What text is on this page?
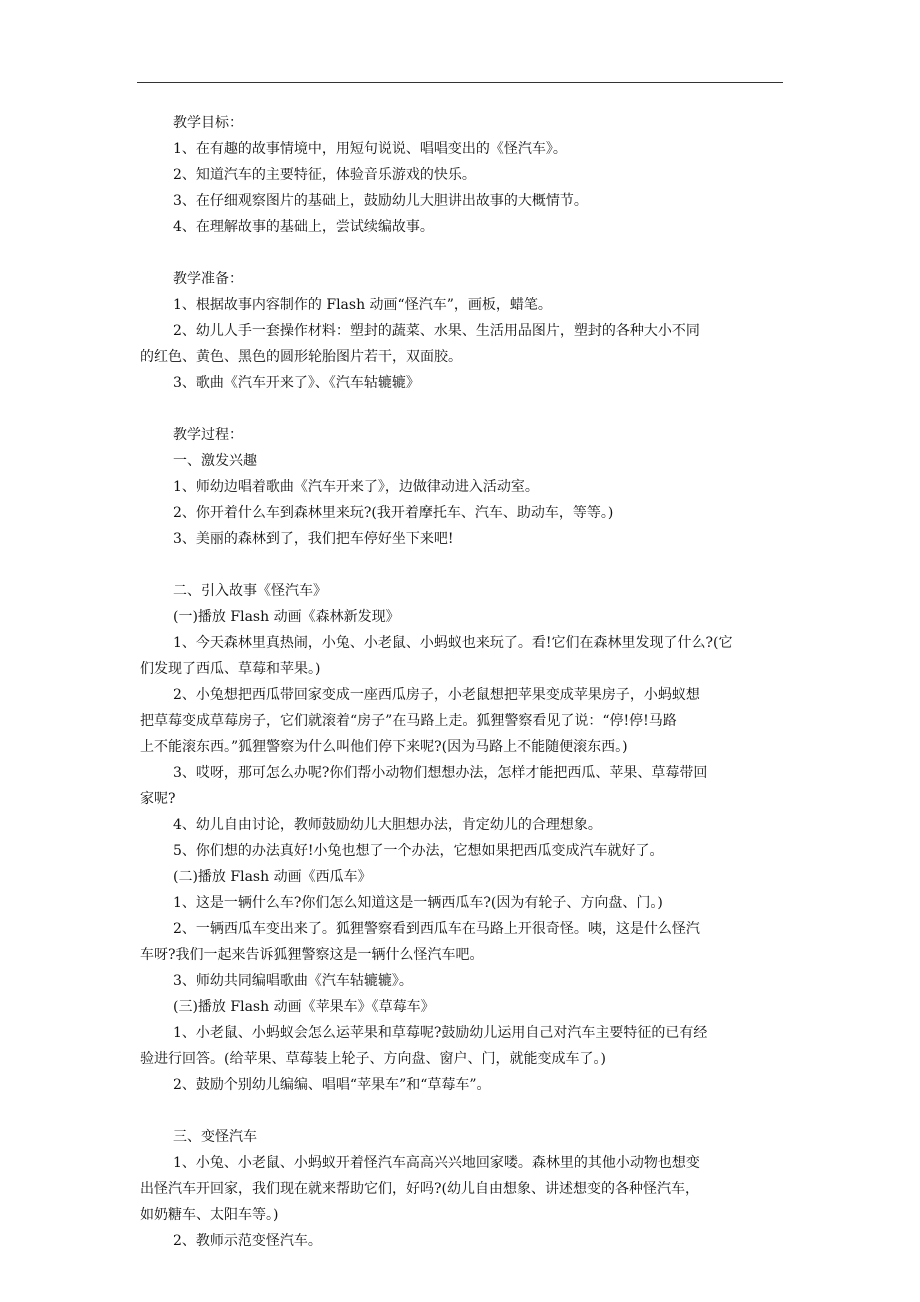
教学目标：

1、在有趣的故事情境中，用短句说说、唱唱变出的《怪汽车》。

2、知道汽车的主要特征，体验音乐游戏的快乐。

3、在仔细观察图片的基础上，鼓励幼儿大胆讲出故事的大概情节。

4、在理解故事的基础上，尝试续编故事。

教学准备：

1、根据故事内容制作的 Flash 动画“怪汽车”，画板，蜡笔。

2、幼儿人手一套操作材料：塑封的蔬菜、水果、生活用品图片，塑封的各种大小不同

的红色、黄色、黑色的圆形轮胎图片若干，双面胶。

3、歌曲《汽车开来了》、《汽车轱辘辘》

教学过程：

一、激发兴趣

1、师幼边唱着歌曲《汽车开来了》，边做律动进入活动室。

2、你开着什么车到森林里来玩?(我开着摩托车、汽车、助动车，等等。)

3、美丽的森林到了，我们把车停好坐下来吧!

二、引入故事《怪汽车》

(一)播放 Flash 动画《森林新发现》

1、今天森林里真热闹，小兔、小老鼠、小蚂蚁也来玩了。看!它们在森林里发现了什么?(它

们发现了西瓜、草莓和苹果。)

2、小兔想把西瓜带回家变成一座西瓜房子，小老鼠想把苹果变成苹果房子，小蚂蚁想

把草莓变成草莓房子，它们就滚着“房子”在马路上走。狐狸警察看见了说：“停!停!马路

上不能滚东西。”狐狸警察为什么叫他们停下来呢?(因为马路上不能随便滚东西。)

3、哎呀，那可怎么办呢?你们帮小动物们想想办法，怎样才能把西瓜、苹果、草莓带回

家呢?

4、幼儿自由讨论，教师鼓励幼儿大胆想办法，肯定幼儿的合理想象。

5、你们想的办法真好!小兔也想了一个办法，它想如果把西瓜变成汽车就好了。

(二)播放 Flash 动画《西瓜车》

1、这是一辆什么车?你们怎么知道这是一辆西瓜车?(因为有轮子、方向盘、门。)

2、一辆西瓜车变出来了。狐狸警察看到西瓜车在马路上开很奇怪。咦，这是什么怪汽

车呀?我们一起来告诉狐狸警察这是一辆什么怪汽车吧。

3、师幼共同编唱歌曲《汽车轱辘辘》。

(三)播放 Flash 动画《苹果车》《草莓车》

1、小老鼠、小蚂蚁会怎么运苹果和草莓呢?鼓励幼儿运用自己对汽车主要特征的已有经

验进行回答。(给苹果、草莓装上轮子、方向盘、窗户、门，就能变成车了。)

2、鼓励个别幼儿编编、唱唱“苹果车”和“草莓车”。

三、变怪汽车

1、小兔、小老鼠、小蚂蚁开着怪汽车高高兴兴地回家喽。森林里的其他小动物也想变

出怪汽车开回家，我们现在就来帮助它们，好吗?(幼儿自由想象、讲述想变的各种怪汽车，

如奶糖车、太阳车等。)

2、教师示范变怪汽车。
